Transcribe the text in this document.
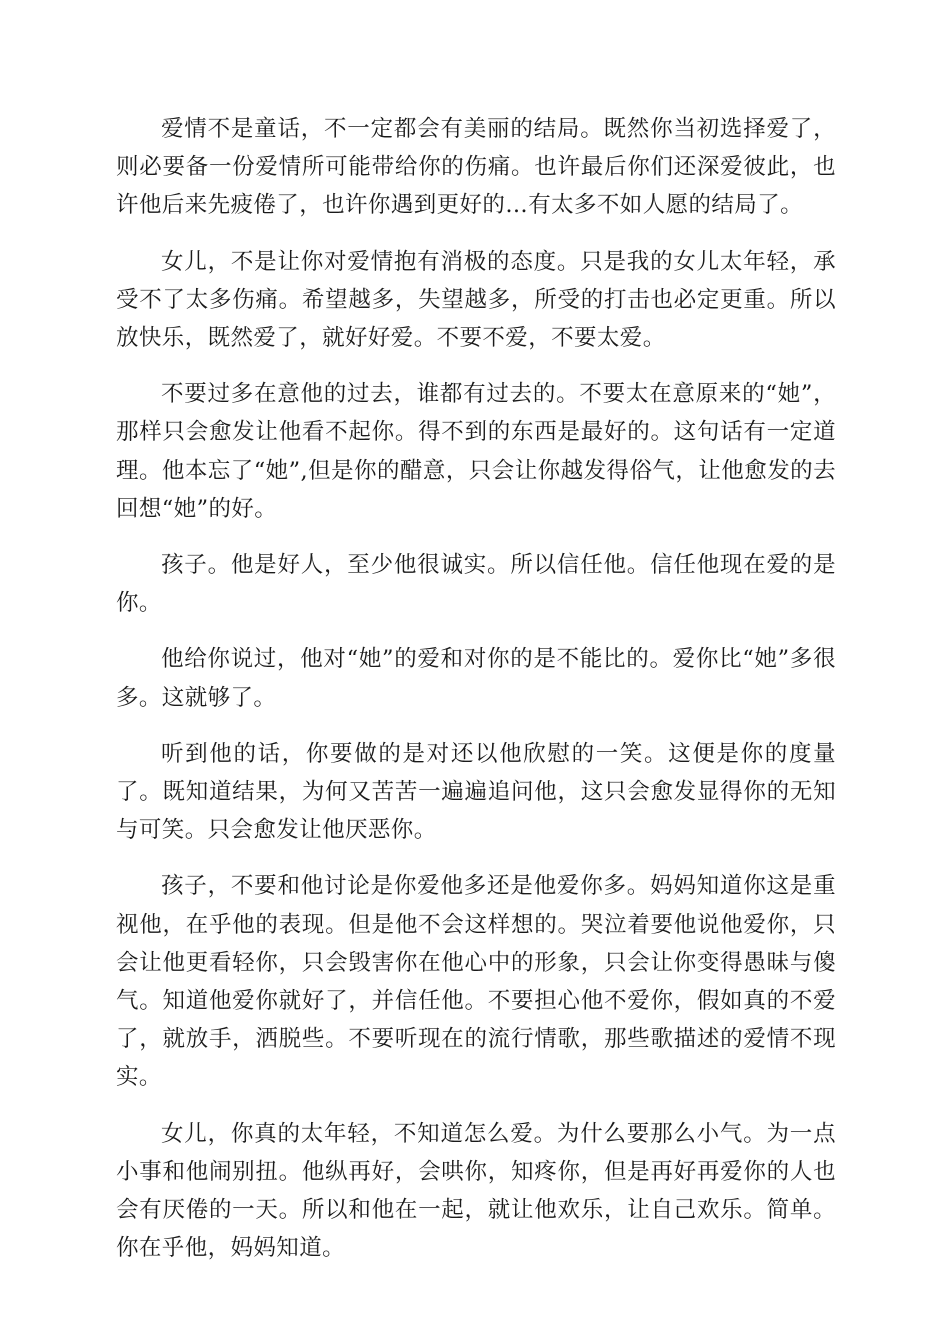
爱情不是童话，不一定都会有美丽的结局。既然你当初选择爱了，则必要备一份爱情所可能带给你的伤痛。也许最后你们还深爱彼此，也许他后来先疲倦了，也许你遇到更好的…有太多不如人愿的结局了。

女儿，不是让你对爱情抱有消极的态度。只是我的女儿太年轻，承受不了太多伤痛。希望越多，失望越多，所受的打击也必定更重。所以放快乐，既然爱了，就好好爱。不要不爱，不要太爱。

不要过多在意他的过去，谁都有过去的。不要太在意原来的“她”，那样只会愈发让他看不起你。得不到的东西是最好的。这句话有一定道理。他本忘了“她”,但是你的醋意，只会让你越发得俗气，让他愈发的去回想“她”的好。

孩子。他是好人，至少他很诚实。所以信任他。信任他现在爱的是你。

他给你说过，他对“她”的爱和对你的是不能比的。爱你比“她”多很多。这就够了。

听到他的话，你要做的是对还以他欣慰的一笑。这便是你的度量了。既知道结果，为何又苦苦一遍遍追问他，这只会愈发显得你的无知与可笑。只会愈发让他厌恶你。

孩子，不要和他讨论是你爱他多还是他爱你多。妈妈知道你这是重视他，在乎他的表现。但是他不会这样想的。哭泣着要他说他爱你，只会让他更看轻你，只会毁害你在他心中的形象，只会让你变得愚昧与傻气。知道他爱你就好了，并信任他。不要担心他不爱你，假如真的不爱了，就放手，洒脱些。不要听现在的流行情歌，那些歌描述的爱情不现实。

女儿，你真的太年轻，不知道怎么爱。为什么要那么小气。为一点小事和他闹别扭。他纵再好，会哄你，知疼你，但是再好再爱你的人也会有厌倦的一天。所以和他在一起，就让他欢乐，让自己欢乐。简单。你在乎他，妈妈知道。
